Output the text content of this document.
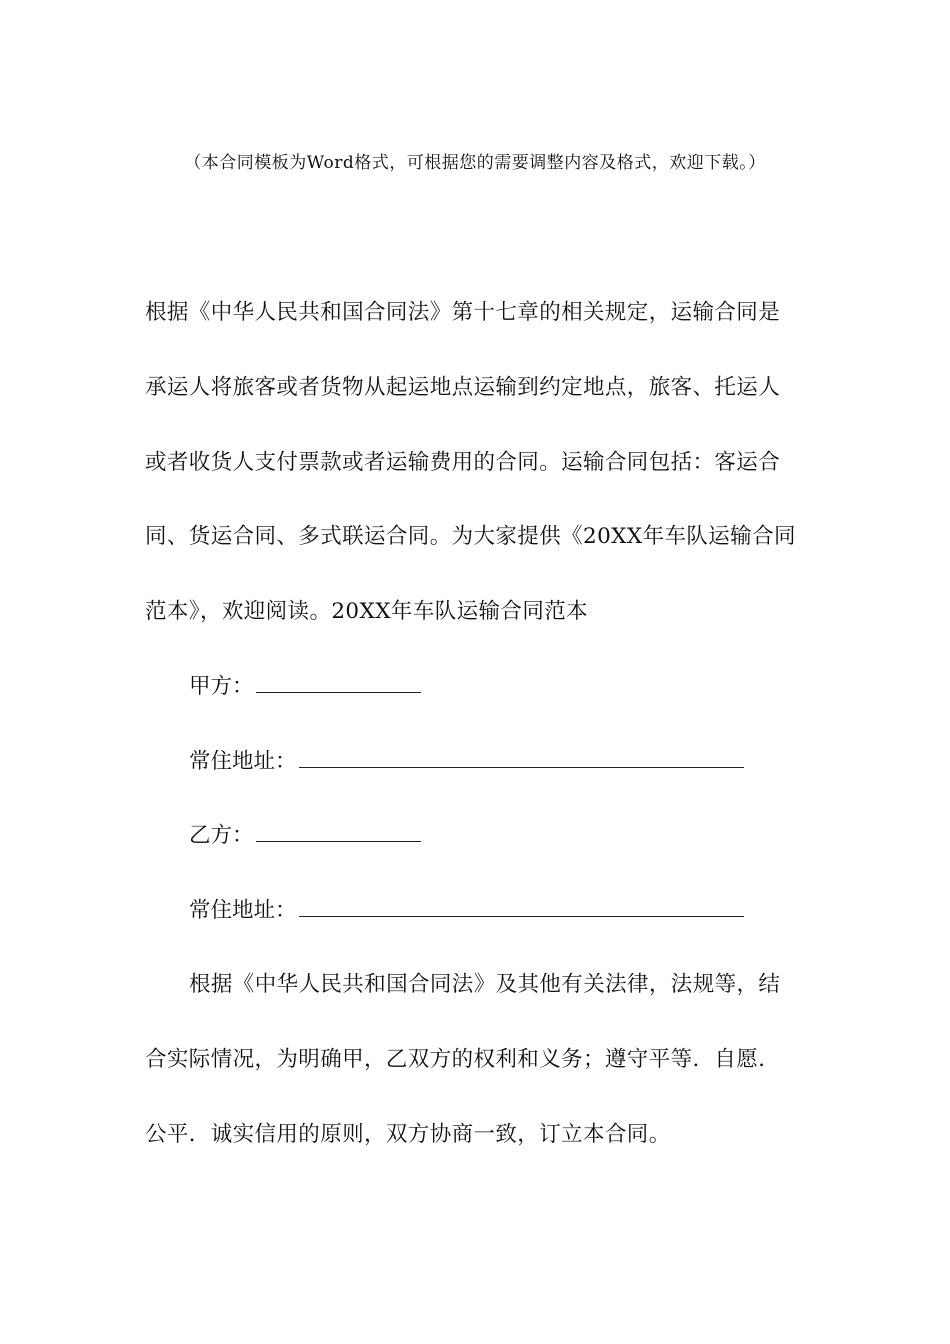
（本合同模板为Word格式，可根据您的需要调整内容及格式，欢迎下载。）
根据《中华人民共和国合同法》第十七章的相关规定，运输合同是
承运人将旅客或者货物从起运地点运输到约定地点，旅客、托运人
或者收货人支付票款或者运输费用的合同。运输合同包括：客运合
同、货运合同、多式联运合同。为大家提供《20XX年车队运输合同
范本》，欢迎阅读。20XX年车队运输合同范本
甲方：
常住地址：
乙方：
常住地址：
根据《中华人民共和国合同法》及其他有关法律，法规等，结
合实际情况，为明确甲，乙双方的权利和义务；遵守平等．自愿．
公平．诚实信用的原则，双方协商一致，订立本合同。
